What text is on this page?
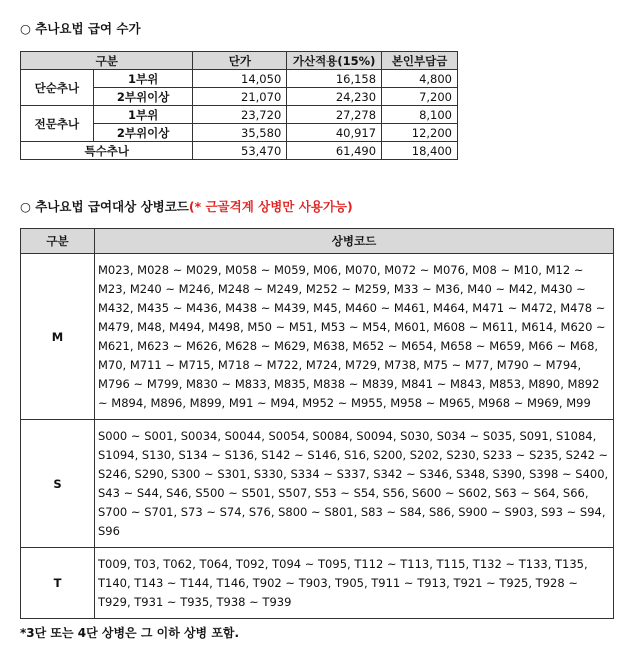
○ 추나요법 급여 수가
구분		단가	가산적용(15%)	본인부담금
단순추나	1부위	14,050	16,158	4,800
	2부위이상	21,070	24,230	7,200
전문추나	1부위	23,720	27,278	8,100
	2부위이상	35,580	40,917	12,200
특수추나		53,470	61,490	18,400
○ 추나요법 급여대상 상병코드(* 근골격계 상병만 사용가능)
구분	상병코드
M	M023, M028 ~ M029, M058 ~ M059, M06, M070, M072 ~ M076, M08 ~ M10, M12 ~ M23, M240 ~ M246, M248 ~ M249, M252 ~ M259, M33 ~ M36, M40 ~ M42, M430 ~ M432, M435 ~ M436, M438 ~ M439, M45, M460 ~ M461, M464, M471 ~ M472, M478 ~ M479, M48, M494, M498, M50 ~ M51, M53 ~ M54, M601, M608 ~ M611, M614, M620 ~ M621, M623 ~ M626, M628 ~ M629, M638, M652 ~ M654, M658 ~ M659, M66 ~ M68, M70, M711 ~ M715, M718 ~ M722, M724, M729, M738, M75 ~ M77, M790 ~ M794, M796 ~ M799, M830 ~ M833, M835, M838 ~ M839, M841 ~ M843, M853, M890, M892 ~ M894, M896, M899, M91 ~ M94, M952 ~ M955, M958 ~ M965, M968 ~ M969, M99
S	S000 ~ S001, S0034, S0044, S0054, S0084, S0094, S030, S034 ~ S035, S091, S1084, S1094, S130, S134 ~ S136, S142 ~ S146, S16, S200, S202, S230, S233 ~ S235, S242 ~ S246, S290, S300 ~ S301, S330, S334 ~ S337, S342 ~ S346, S348, S390, S398 ~ S400, S43 ~ S44, S46, S500 ~ S501, S507, S53 ~ S54, S56, S600 ~ S602, S63 ~ S64, S66, S700 ~ S701, S73 ~ S74, S76, S800 ~ S801, S83 ~ S84, S86, S900 ~ S903, S93 ~ S94, S96
T	T009, T03, T062, T064, T092, T094 ~ T095, T112 ~ T113, T115, T132 ~ T133, T135, T140, T143 ~ T144, T146, T902 ~ T903, T905, T911 ~ T913, T921 ~ T925, T928 ~ T929, T931 ~ T935, T938 ~ T939
*3단 또는 4단 상병은 그 이하 상병 포함.
